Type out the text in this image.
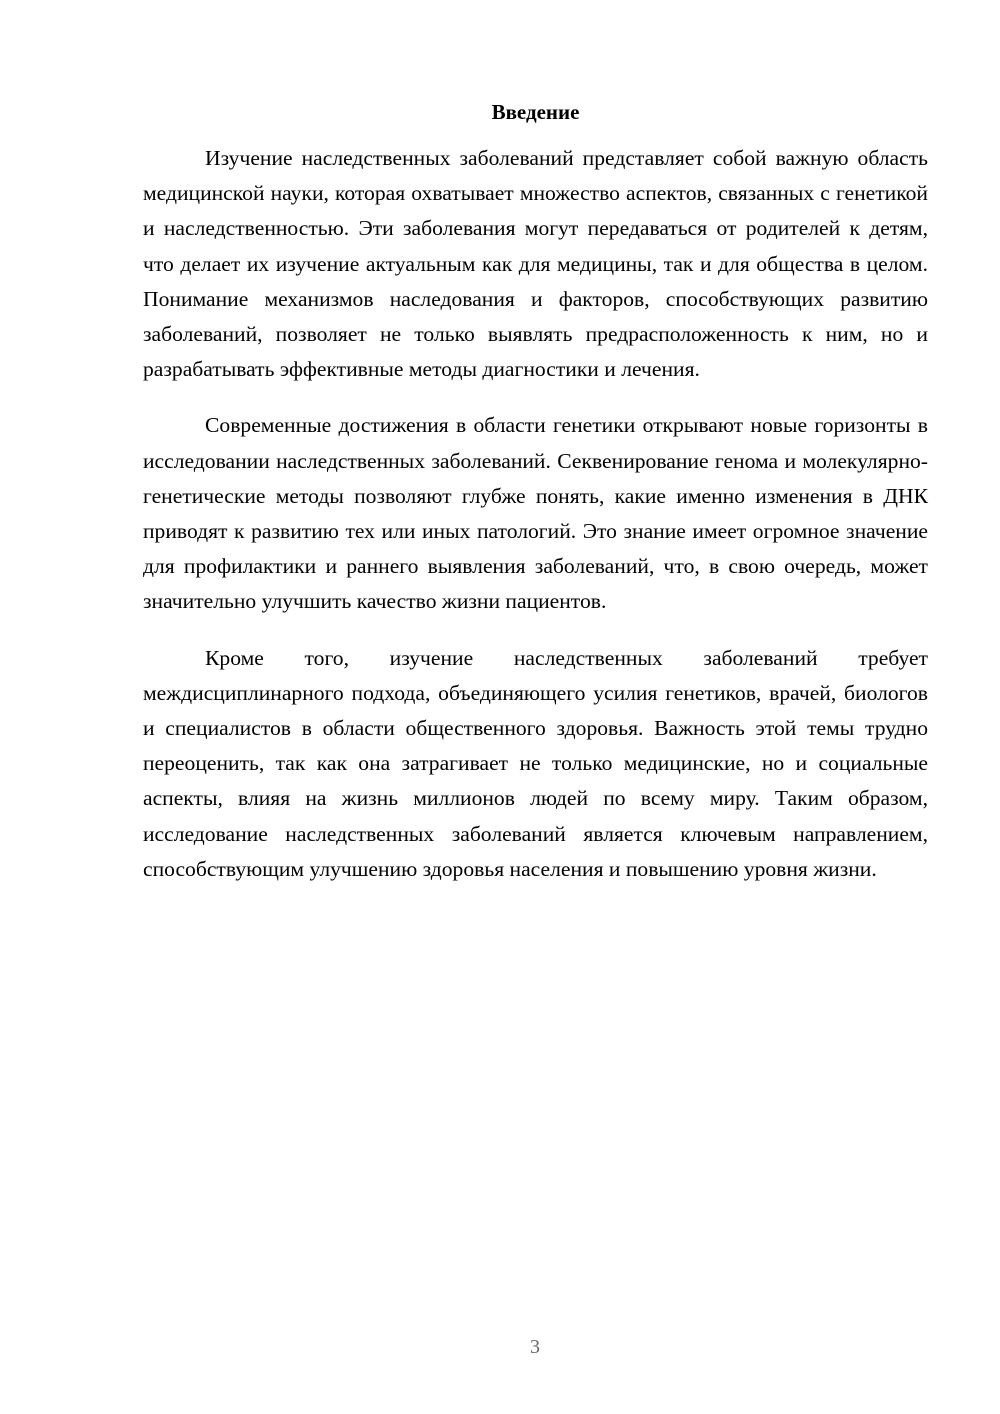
Введение

Изучение наследственных заболеваний представляет собой важную область медицинской науки, которая охватывает множество аспектов, связанных с генетикой и наследственностью. Эти заболевания могут передаваться от родителей к детям, что делает их изучение актуальным как для медицины, так и для общества в целом. Понимание механизмов наследования и факторов, способствующих развитию заболеваний, позволяет не только выявлять предрасположенность к ним, но и разрабатывать эффективные методы диагностики и лечения.

Современные достижения в области генетики открывают новые горизонты в исследовании наследственных заболеваний. Секвенирование генома и молекулярно-генетические методы позволяют глубже понять, какие именно изменения в ДНК приводят к развитию тех или иных патологий. Это знание имеет огромное значение для профилактики и раннего выявления заболеваний, что, в свою очередь, может значительно улучшить качество жизни пациентов.

Кроме того, изучение наследственных заболеваний требует междисциплинарного подхода, объединяющего усилия генетиков, врачей, биологов и специалистов в области общественного здоровья. Важность этой темы трудно переоценить, так как она затрагивает не только медицинские, но и социальные аспекты, влияя на жизнь миллионов людей по всему миру. Таким образом, исследование наследственных заболеваний является ключевым направлением, способствующим улучшению здоровья населения и повышению уровня жизни.

3
